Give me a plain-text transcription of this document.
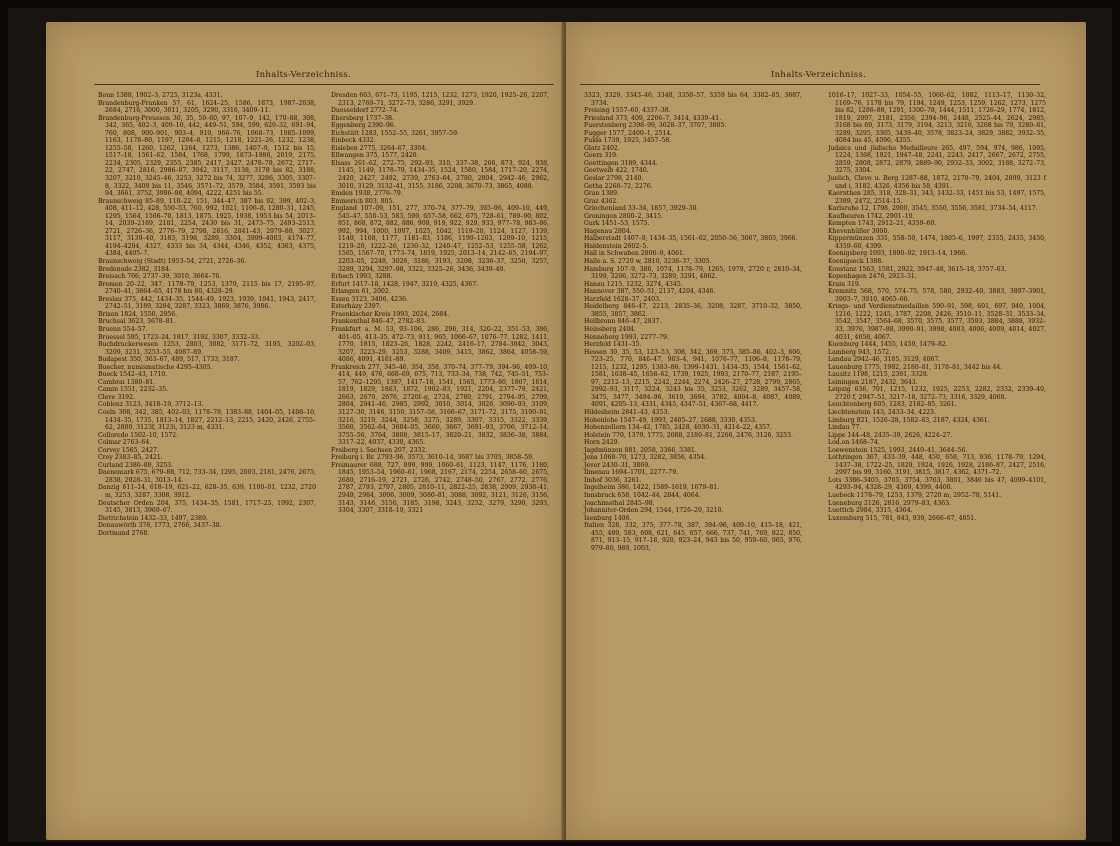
Inhalts-Verzeichniss.

Bonn 1388, 1902–3, 2725, 3123a, 4331.

Brandenburg-Franken 57, 61, 1624–25, 1586, 1873, 1987–2038, 2684, 2716, 3000, 3011, 3205, 3290, 3316, 3409–11.

Brandenburg-Preussen 30, 35, 59–60, 97, 107–9, 142, 170–88, 308, 342, 365, 402–3, 409–10, 442, 449–51, 594, 599, 629–32, 691–94, 760, 808, 900–901, 903–4, 919, 966–76, 1068–73, 1085–1099, 1163, 1178–80, 1197, 1204–8, 1215, 1218, 1221–26, 1232, 1238, 1255–58, 1260, 1262, 1264, 1273, 1386, 1407–9, 1512 bis 15, 1517–18, 1561–62, 1584, 1768, 1799, 1873–1986, 2019, 2175, 2234, 2305, 2329, 2355, 2385, 2417, 2427, 2478–79, 2672, 2717–22, 2747, 2816, 2986–87, 3042, 3117, 3138, 3178 bis 82, 3188, 3207, 3210, 3245–46, 3253, 3272 bis 74, 3277, 3286, 3305, 3307–8, 3322, 3409 bis 11, 3546, 3571–72, 3579, 3584, 3591, 3593 bis 94, 3661, 3752, 3986–98, 4094, 4222, 4251 bis 55.

Braunschweig 85–89, 110–22, 151, 344–47, 387 bis 92, 399, 402–3, 408, 411–12, 428, 550–53, 760, 992, 1021, 1106–8, 1280–31, 1245, 1295, 1564, 1566–70, 1813, 1875, 1925, 1938, 1953 bis 54, 2013–14, 2039–2169, 2181, 2254, 2430 bis 31, 2473–75, 2493–2513, 2721, 2726–36, 2776–79, 2798, 2816, 2841–43, 2979–88, 3027, 3117, 3139–40, 3183, 3198, 3289, 3304, 3999–4003, 4174–77, 4194–4204, 4327, 4333 bis 34, 4344, 4346, 4352, 4363, 4375, 4384, 4405–7.

Braunschweig (Stadt) 1953–54, 2721, 2726–36.

Bredenode 2382, 3184.

Breisach 766, 2737–39, 3010, 3664–76.

Bremen 20–22, 347, 1178–79, 1253, 1379, 2115 bis 17, 2195–97, 2740–41, 3664–65, 4178 bis 80, 4328–29.

Breslau 375, 442, 1434–35, 1544–49, 1923, 1939, 1941, 1943, 2417, 2742–51, 3189, 3284, 3287, 3323, 3869, 3876, 3986.

Brixen 1824, 1550, 2956.

Bruchsal 3623, 3678–81.

Bruenn 554–57.

Bruessel 595, 1723–24, 1817, 3192, 3307, 3332–33.

Buchdruckerwesen 1253, 2803, 3082, 3171–72, 3195, 3202–03, 3209, 3231, 3253–55, 4087–89.

Budapest 350, 363–67, 489, 517, 1733, 3187.

Buecher, numismatische 4295–4305.

Bueck 1542–43, 1710.

Cambrai 1380–81.

Camin 1551, 2232–35.

Cleve 3192.

Coblenz 3123, 3418–19, 3712–13.

Coeln 308, 342, 385, 402–03, 1178–79, 1383–88, 1404–05, 1408–10, 1434–35, 1735, 1813–14, 1827, 2212–13, 2215, 2420, 2426, 2755–62, 2800, 3123f, 3123i, 3123 m, 4331.

Colloredo 1502–10, 1572.

Colmar 2763–64.

Corvey 1565, 2427.

Croy 2383–85, 2421.

Curland 2386–88, 3253.

Daenemark 675, 679–88, 712, 733–34, 1295, 2003, 2181, 2476, 2675, 2838, 2928–31, 3013–14.

Danzig 611–14, 618–19, 621–22, 628–35, 639, 1100–01, 1232, 2720 m, 3253, 3287, 3308, 3912.

Deutscher Orden 204, 375, 1434–35, 1581, 1717–25, 1992, 2307, 3145, 3813, 3969–67.

Dietrichstein 1432–33, 1497, 2389.

Donauwörth 378, 1773, 2766, 3437–38.

Dortmund 2768.

Dresden 663, 671–73, 1195, 1215, 1232, 1273, 1920, 1925–26, 2207, 2313, 2769–71, 3272–73, 3286, 3291, 3929.

Duesseldorf 2772–74.

Ebersberg 1737–38.

Eggenberg 2390–96.

Eichstätt 1283, 1552–55, 3261, 3957–59.

Einbeck 4332.

Eisleben 2775, 3264–67, 3304.

Ellwangen 375, 1577, 2420.

Elsass 261–62, 272–75, 292–93, 310, 337–38, 266, 873, 924, 938, 1145, 1149, 1178–79, 1434–35, 1524, 1580, 1584, 1717–20, 2274, 2420, 2427, 2492, 2739, 2763–64, 2780, 2804, 2942–46, 2962, 3010, 3129, 3132–41, 3155, 3186, 3208, 3670–73, 3865, 4088.

Emden 1938, 2776–79.

Emmerich 803, 805.

England 107–09, 151, 277, 370–74, 377–79, 395–96, 409–10, 449, 545–47, 550–53, 583, 599, 657–58, 662, 675, 728–61, 789–90, 802, 851, 868, 872, 882, 886, 908, 919, 922, 929, 933, 977–78, 983–86, 992, 994, 1000, 1007, 1025, 1042, 1119–20, 1124, 1127, 1139, 1149, 1168, 1177, 1181–83, 1186, 1199–1203, 1209–10, 1215, 1219–20, 1222–26, 1230–32, 1240–47, 1252–53, 1255–58, 1262, 1565, 1567–70, 1773–74, 1819, 1925, 2013–14, 2142–65, 2194–97, 2203–05, 2248, 3026, 3186, 3193, 3208, 3236–37, 3250, 3257, 3289, 3294, 3297–98, 3322, 3325–26, 3436, 3439–40.

Erbach 1993, 3288.

Erfurt 1417–18, 1428, 1947, 3219, 4325, 4367.

Erlangen 61, 2002.

Essen 3123, 3406, 4236.

Esterházy 2397.

Fraenkischer Kreis 1993, 2024, 2684.

Frankenthal 846–47, 2782–83.

Frankfurt a. M. 53, 93–106, 286, 296, 314, 320–22, 351–53, 386, 401–05, 413–35, 472–73, 911, 965, 1066–67, 1076–77, 1282, 1411, 1770, 1815, 1823–26, 1828, 2242, 2416–17, 2784–3042, 3043, 3207, 3223–29, 3253, 3288, 3409, 3415, 3862, 3864, 4058–59, 4086, 4091, 4181–89.

Frankreich 277, 345–46, 354, 358, 370–74, 377–79, 394–96, 409–10, 414, 449, 476, 668–69, 675, 713, 733–34, 738, 742, 745–51, 753–57, 762–1295, 1387, 1417–18, 1541, 1565, 1773–80, 1807, 1814, 1819, 1829, 1863, 1872, 1902–03, 1921, 2204, 2377–79, 2421, 2663, 2670, 2676, 2720f–g, 2724, 2780, 2791, 2794–95, 2799, 2804, 2941–46, 2985, 2992, 3010, 3014, 3026, 3090–93, 3109, 3127–30, 3146, 3150, 3157–58, 3166–67, 3171–72, 3175, 3190–91, 3216, 3219, 3244, 3258, 3275, 3289, 3307, 3315, 3322, 3339, 3560, 3562–64, 3604–05, 3660, 3667, 3691–93, 3706, 3712–14, 3755–56, 3764, 3808, 3815–17, 3820–21, 3832, 3836–38, 3884, 3317–22, 4037, 4330, 4365.

Freiberg i. Sachsen 207, 2332.

Freiburg i. Br. 2793–96, 3573, 3610–14, 3687 bis 3705, 3858–59.

Freimaurer 688, 727, 899, 999, 1060–61, 1123, 1147, 1176, 1180, 1845, 1953–54, 1960–61, 1968, 2167, 2174, 2254, 2658–60, 2675, 2680, 2716–19, 2721, 2726, 2742, 2748–50, 2767, 2772, 2776, 2787, 2793, 2797, 2805, 2810–11, 2822–25, 2838, 2909, 2938–41, 2949, 2984, 3006, 3009, 3080–81, 3088, 3092, 3121, 3126, 3156, 3143, 3146, 3156, 3185, 3198, 3243, 3252, 3279, 3290, 3293, 3304, 3307, 3318–19, 3321

Inhalts-Verzeichniss.

3323, 3329, 3343–46, 3348, 3350–57, 3359 bis 64, 3382–85, 3687, 3734.

Freising 1557–60, 4337–38.

Friesland 373, 409, 2206–7, 3414, 4339–41.

Fuerstenberg 2398–99, 3628–37, 3707, 3805.

Fugger 1577, 2400–1, 2514.

Fulda 1739, 1925, 3457–58.

Glatz 2402.

Goerz 319.

Goettingen 3189, 4344.

Goetweih 422, 1740.

Goslar 2798, 2140.

Gotha 2268–72, 2276.

Gran 1389.

Graz 4362.

Griechenland 33–34, 1857, 3929–30.

Groningen 2800–2, 3415.

Gurk 1451–53, 1575.

Hagenau 2804.

Halberstadt 1407–9, 1434–35, 1561–62, 2050–56, 3067, 3803, 3966.

Haldenstein 2602–5.

Hall in Schwaben 2806–9, 4061.

Halle a. S. 2720 w, 2810, 3236–37, 3305.

Hamburg 107–9, 386, 1074, 1178–79, 1265, 1979, 2720 r, 2810–34, 3199, 3206, 3272–73, 3289, 3291, 4062.

Hanau 1215, 1232, 3274, 4345.

Hannover 387, 550–51, 2137, 4204, 4346.

Harzfeld 1628–37, 2403.

Heidelberg 846–47, 2213, 2835–36, 3208, 3287, 3710–32, 3850, 3855, 3857, 3862.

Heilbronn 846–47, 2837.

Heinsberg 2404.

Henneberg 1993, 2277–79.

Herzfeld 1431–35.

Hessen 30, 35, 53, 123–53, 308, 342, 369, 375, 385–86, 402–3, 606, 723–25, 770, 846–47, 903–4, 941, 1076–77, 1106–8, 1178–79, 1215, 1232, 1295, 1383–86, 1399–1431, 1434–35, 1544, 1561–62, 1581, 1638–45, 1658–62, 1739, 1925, 1993, 2170–77, 2187, 2195–97, 2212–13, 2215, 2242, 2244, 2274, 2426–27, 2728, 2799, 2865, 2992–93, 3117, 3224, 3243 bis 35, 3253, 3262, 3289, 3457–58, 3475, 3477, 3494–96, 3619, 3694, 3782, 4004–8, 4087, 4089, 4091, 4205–13, 4331, 4345, 4347–51, 4367–68, 4417.

Hildesheim 2841–43, 4353.

Hohenlohe 1547–49, 1993, 2405–27, 2688, 3330, 4353.

Hohenzollern 134–42, 1785, 2428, 4030–31, 4214–22, 4357.

Holstein 770, 1379, 1775, 2088, 2180–81, 2266, 2476, 3126, 3253.

Horn 2429.

Jagdmünzen 881, 2058, 3366, 3381.

Jena 1068–70, 1273, 3282, 3856, 4354.

Jever 2430–31, 3869.

Ilmenau 1694–1701, 2277–79.

Imhof 3036, 3261.

Ingelheim 386, 1422, 1589–1619, 1679–81.

Innsbruck 658, 1042–44, 2844, 4064.

Joachimsthal 2845–98.

Johanniter-Orden 294, 1544, 1726–29, 3210.

Isenburg 1406.

Italien 328, 332, 375, 377–78, 387, 394–96, 409–10, 415–18, 421, 455, 489, 583, 608, 621, 645, 657, 666, 737, 741, 769, 822, 850, 871, 913–15, 917–18, 920, 923–24, 943 bis 50, 959–60, 965, 976, 979–80, 989, 1003,

1016–17, 1027–33, 1054–55, 1060–62, 1082, 1113–17, 1130–32, 1169–76, 1178 bis 79, 1194, 1249, 1253, 1259, 1262, 1273, 1275 bis 82, 1286–88, 1291, 1300–78, 1444, 1511, 1726–29, 1774, 1812, 1819, 2097, 2181, 2356, 2394–96, 2448, 2525–44, 2624, 2985, 3168 bis 69, 3173, 3179, 3194, 3213, 3216, 3268 bis 70, 3280–81, 3289, 3295, 3305, 3439–40, 3578, 3823–24, 3829, 3882, 3932–35, 4084 bis 45, 4096, 4355.

Judaica und jüdische Medailleure 265, 497, 594, 974, 986, 1095, 1224, 1368, 1921, 1947–48, 2241, 2243, 2417, 2667, 2672, 2755, 2859, 2808, 2872, 2879, 2889–90, 2932–33, 3002, 3188, 3272–73, 3275, 3304.

Juelich, Cleve u. Berg 1287–88, 1872, 2178–79, 2404, 2899, 3123 f und i, 3182, 4326, 4356 bis 58, 4391.

Kaernthen 285, 318, 328–31, 343, 1432–33, 1451 bis 53, 1497, 1575, 2389, 2472, 2514–15.

Karlsruhe 12, 1798, 2900, 3545, 3550, 3556, 3581, 3734–54, 4117.

Kaufbeuren 1742, 2901–10.

Kempten 1743, 2912–21, 4359–60.

Khevenhüller 3000.

Kippermünzen 331, 558–59, 1474, 1805–6, 1997, 2355, 2435, 3450, 4359–60, 4399.

Koenigsberg 1093, 1890–92, 1913–14, 1966.

Koenigseck 1388.

Konstanz 1563, 1581, 2922, 3947–48, 3615–18, 3757–63.

Kopenhagen 2476, 2923–31.

Krain 319.

Kremnitz 568, 570, 574–75, 578, 580, 2932–40, 3883, 3897–3901, 3903–7, 3910, 4065–66.

Kriegs- und Verdienstmedaillen 590–91, 598, 601, 697, 940, 1004, 1216, 1222, 1245, 1787, 2208, 2426, 3510–11, 3528–31, 3533–34, 3542, 3547, 3564–68, 3570, 3575, 3577, 3593, 3884, 3888, 3932–33, 3976, 3987–88, 3990–91, 3998, 4003, 4006, 4009, 4014, 4027, 4031, 4058, 4067.

Kuenburg 1444, 1455, 1459, 1479–82.

Lamberg 943, 1572.

Landau 2942–46, 3185, 3129, 4067.

Lauenburg 1775, 1982, 2180–81, 3178–81, 3442 bis 44.

Lausitz 1198, 1215, 2301, 3329.

Leiningen 2187, 2432, 3643.

Leipzig 636, 701, 1215, 1232, 1925, 2253, 2282, 2332, 2339–40, 2720 f, 2947–51, 3217–18, 3272–73, 3316, 3329, 4068.

Leuchtenberg 605, 1283, 2182–85, 3261.

Liechtenstein 143, 2433–34, 4223.

Limburg 821, 1526–28, 1582–83, 2187, 4324, 4361.

Lindau 77.

Lippe 144–48, 2435–39, 2626, 4224–27.

Lod.on 1468–74.

Loewenstein 1525, 1993, 2440–41, 3644–56.

Lothringen 367, 433–39, 448, 450, 658, 713, 936, 1178–79, 1294, 1437–38, 1722–25, 1829, 1924, 1926, 1928, 2186–87, 2427, 2516, 2997 bis 99, 3160, 3191, 3815, 3817, 4362, 4371–72.

Lots 3386–3405, 3705, 3754, 3763, 3801, 3846 bis 47, 4099–4101, 4293–94, 4328–29, 4369, 4399, 4400.

Luebeck 1178–79, 1253, 1379, 2720 m, 2952–78, 5141.

Lueneburg 2126, 2816, 2979–83, 4363.

Luettich 2984, 3315, 4364.

Luxemburg 515, 781, 843, 939, 2666–67, 4051.
